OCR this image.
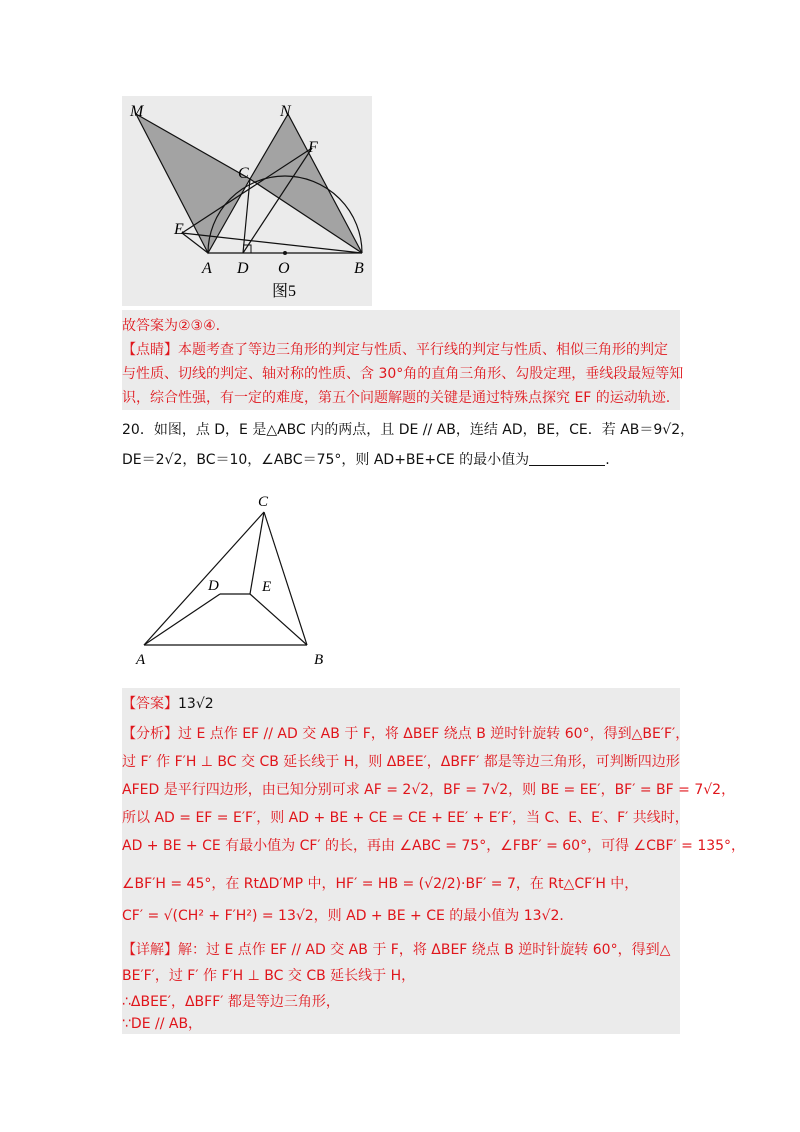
M	N
F
C
E
A D O	B
图5
故答案为②③④.
【点睛】本题考查了等边三角形的判定与性质、平行线的判定与性质、相似三角形的判定
与性质、切线的判定、轴对称的性质、含 30°角的直角三角形、勾股定理，垂线段最短等知
识，综合性强，有一定的难度，第五个问题解题的关键是通过特殊点探究 EF 的运动轨迹.
20．如图，点 D，E 是△ABC 内的两点，且 DE // AB，连结 AD，BE，CE．若 AB＝9√2，
DE＝2√2，BC＝10，∠ABC＝75°，则 AD+BE+CE 的最小值为	.
C
D	E
A	B
【答案】13√2
【分析】过 E 点作 EF // AD 交 AB 于 F，将 ΔBEF 绕点 B 逆时针旋转 60°，得到△BE′F′，
过 F′ 作 F′H ⊥ BC 交 CB 延长线于 H，则 ΔBEE′，ΔBFF′ 都是等边三角形，可判断四边形
AFED 是平行四边形，由已知分别可求 AF = 2√2，BF = 7√2，则 BE = EE′，BF′ = BF = 7√2，
所以 AD = EF = E′F′，则 AD + BE + CE = CE + EE′ + E′F′，当 C、E、E′、F′ 共线时，
AD + BE + CE 有最小值为 CF′ 的长，再由 ∠ABC = 75°，∠FBF′ = 60°，可得 ∠CBF′ = 135°，
∠BF′H = 45°，在 RtΔD′MP 中，HF′ = HB = (√2/2)·BF′ = 7，在 Rt△CF′H 中，
CF′ = √(CH² + F′H²) = 13√2，则 AD + BE + CE 的最小值为 13√2．
【详解】解：过 E 点作 EF // AD 交 AB 于 F，将 ΔBEF 绕点 B 逆时针旋转 60°，得到△
BE′F′，过 F′ 作 F′H ⊥ BC 交 CB 延长线于 H，
∴ΔBEE′，ΔBFF′ 都是等边三角形，
∵DE // AB，
